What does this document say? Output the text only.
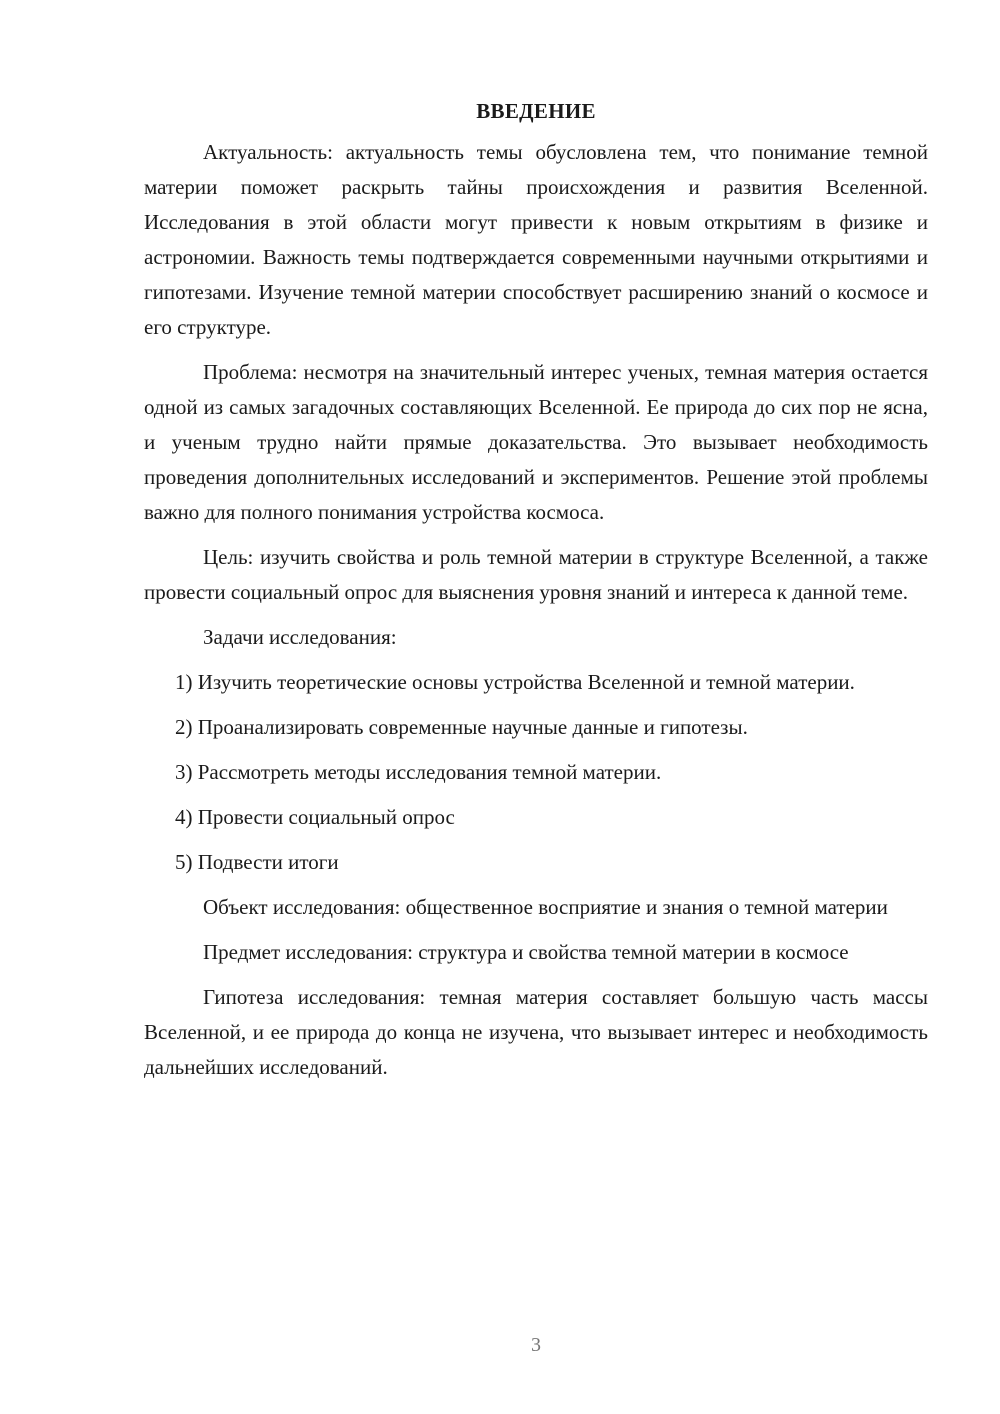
ВВЕДЕНИЕ

Актуальность: актуальность темы обусловлена тем, что понимание темной материи поможет раскрыть тайны происхождения и развития Вселенной. Исследования в этой области могут привести к новым открытиям в физике и астрономии. Важность темы подтверждается современными научными открытиями и гипотезами. Изучение темной материи способствует расширению знаний о космосе и его структуре.

Проблема: несмотря на значительный интерес ученых, темная материя остается одной из самых загадочных составляющих Вселенной. Ее природа до сих пор не ясна, и ученым трудно найти прямые доказательства. Это вызывает необходимость проведения дополнительных исследований и экспериментов. Решение этой проблемы важно для полного понимания устройства космоса.

Цель: изучить свойства и роль темной материи в структуре Вселенной, а также провести социальный опрос для выяснения уровня знаний и интереса к данной теме.

Задачи исследования:

1) Изучить теоретические основы устройства Вселенной и темной материи.

2) Проанализировать современные научные данные и гипотезы.

3) Рассмотреть методы исследования темной материи.

4) Провести социальный опрос

5) Подвести итоги

Объект исследования: общественное восприятие и знания о темной материи

Предмет исследования: структура и свойства темной материи в космосе

Гипотеза исследования: темная материя составляет большую часть массы Вселенной, и ее природа до конца не изучена, что вызывает интерес и необходимость дальнейших исследований.

3
